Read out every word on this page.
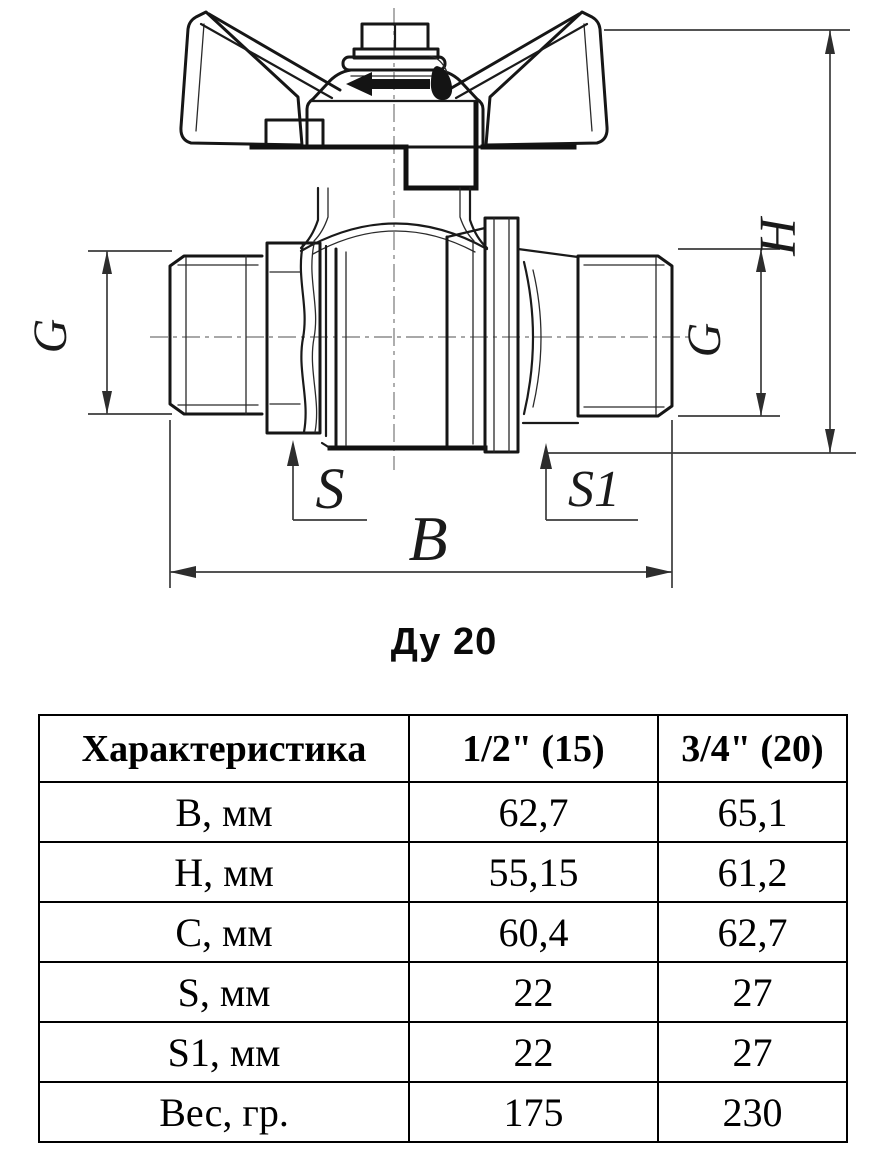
G	G
H
S	S1
B
Ду 20
Характеристика	1/2" (15)	3/4" (20)
В, мм	62,7	65,1
Н, мм	55,15	61,2
С, мм	60,4	62,7
S, мм	22	27
S1, мм	22	27
Вес, гр.	175	230
